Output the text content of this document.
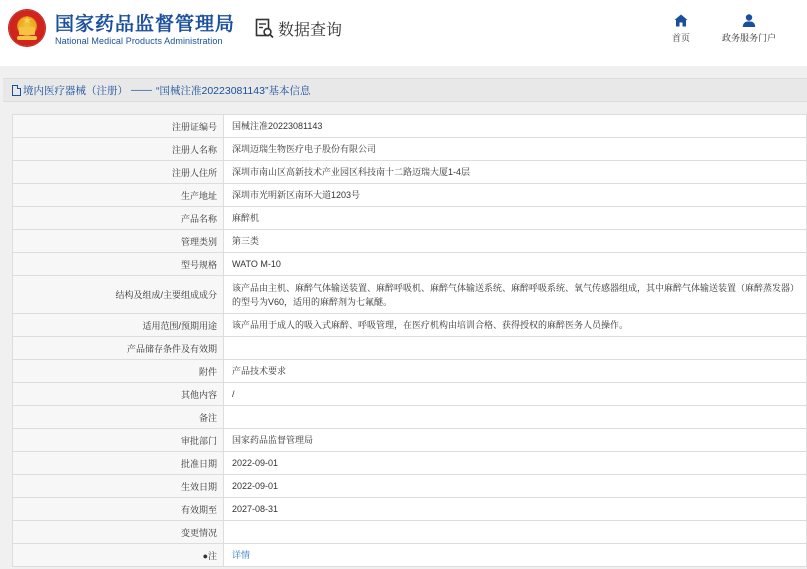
★ 国家药品监督管理局
National Medical Products Administration
数据查询	首页	政务服务门户
境内医疗器械（注册） —— “国械注准20223081143”基本信息
注册证编号	国械注准20223081143
注册人名称	深圳迈瑞生物医疗电子股份有限公司
注册人住所	深圳市南山区高新技术产业园区科技南十二路迈瑞大厦1-4层
生产地址	深圳市光明新区南环大道1203号
产品名称	麻醉机
管理类别	第三类
型号规格	WATO M-10
结构及组成/主要组成成分	该产品由主机、麻醉气体输送装置、麻醉呼吸机、麻醉气体输送系统、麻醉呼吸系统、氧气传感器组成，其中麻醉气体输送装置（麻醉蒸发器）的型号为V60，适用的麻醉剂为七氟醚。
适用范围/预期用途	该产品用于成人的吸入式麻醉、呼吸管理，在医疗机构由培训合格、获得授权的麻醉医务人员操作。
产品储存条件及有效期	
附件	产品技术要求
其他内容	/
备注	
审批部门	国家药品监督管理局
批准日期	2022-09-01
生效日期	2022-09-01
有效期至	2027-08-31
变更情况	
●注	详情
